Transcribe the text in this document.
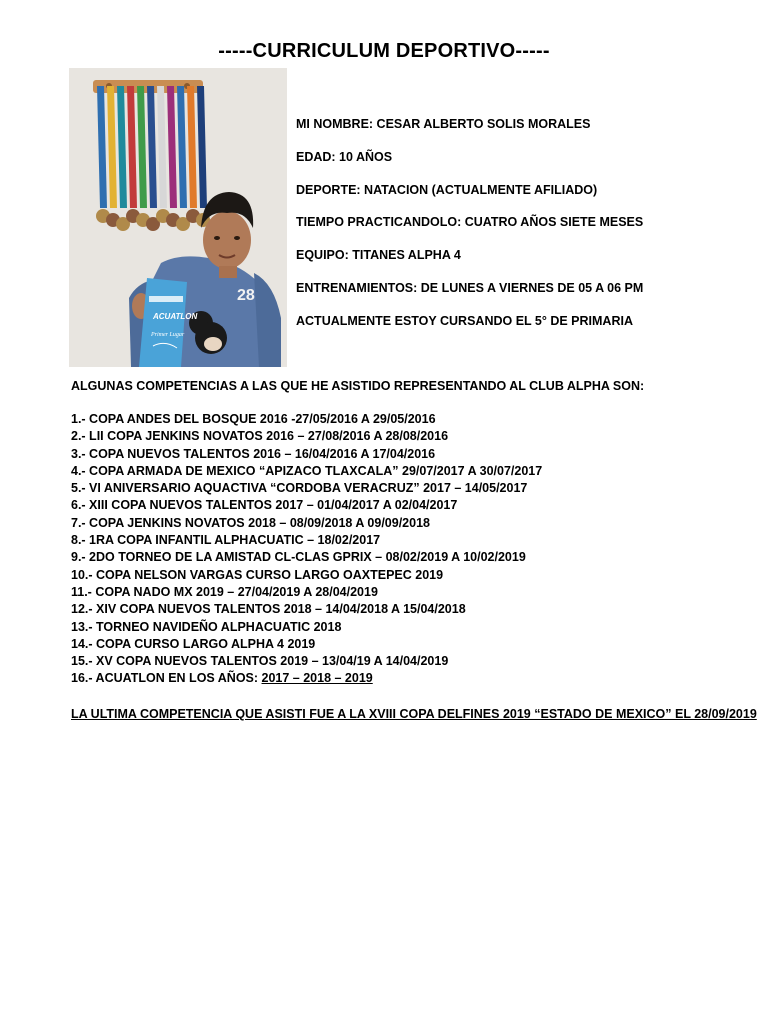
-----CURRICULUM DEPORTIVO-----
28
ACUATLON
Primer Lugar
MI NOMBRE: CESAR ALBERTO SOLIS MORALES
EDAD: 10 AÑOS
DEPORTE: NATACION (ACTUALMENTE AFILIADO)
TIEMPO PRACTICANDOLO: CUATRO AÑOS SIETE MESES
EQUIPO: TITANES ALPHA 4
ENTRENAMIENTOS: DE LUNES A VIERNES DE 05 A 06 PM
ACTUALMENTE ESTOY CURSANDO EL 5° DE PRIMARIA
ALGUNAS COMPETENCIAS A LAS QUE HE ASISTIDO REPRESENTANDO AL CLUB ALPHA SON:
1.- COPA ANDES DEL BOSQUE 2016 -27/05/2016 A 29/05/2016
2.- LII COPA JENKINS NOVATOS 2016 – 27/08/2016 A 28/08/2016
3.- COPA NUEVOS TALENTOS 2016 – 16/04/2016 A 17/04/2016
4.- COPA ARMADA DE MEXICO “APIZACO TLAXCALA” 29/07/2017 A 30/07/2017
5.- VI ANIVERSARIO AQUACTIVA “CORDOBA VERACRUZ” 2017 – 14/05/2017
6.- XIII COPA NUEVOS TALENTOS 2017 – 01/04/2017 A 02/04/2017
7.- COPA JENKINS NOVATOS 2018 – 08/09/2018 A 09/09/2018
8.- 1RA COPA INFANTIL ALPHACUATIC – 18/02/2017
9.- 2DO TORNEO DE LA AMISTAD CL-CLAS GPRIX – 08/02/2019 A 10/02/2019
10.- COPA NELSON VARGAS CURSO LARGO OAXTEPEC 2019
11.- COPA NADO MX 2019 – 27/04/2019 A 28/04/2019
12.- XIV COPA NUEVOS TALENTOS 2018 – 14/04/2018 A 15/04/2018
13.- TORNEO NAVIDEÑO ALPHACUATIC 2018
14.- COPA CURSO LARGO ALPHA 4 2019
15.- XV COPA NUEVOS TALENTOS 2019 – 13/04/19 A 14/04/2019
16.- ACUATLON EN LOS AÑOS: 2017 – 2018 – 2019
LA ULTIMA COMPETENCIA QUE ASISTI FUE A LA XVIII COPA DELFINES 2019 “ESTADO DE MEXICO” EL 28/09/2019
